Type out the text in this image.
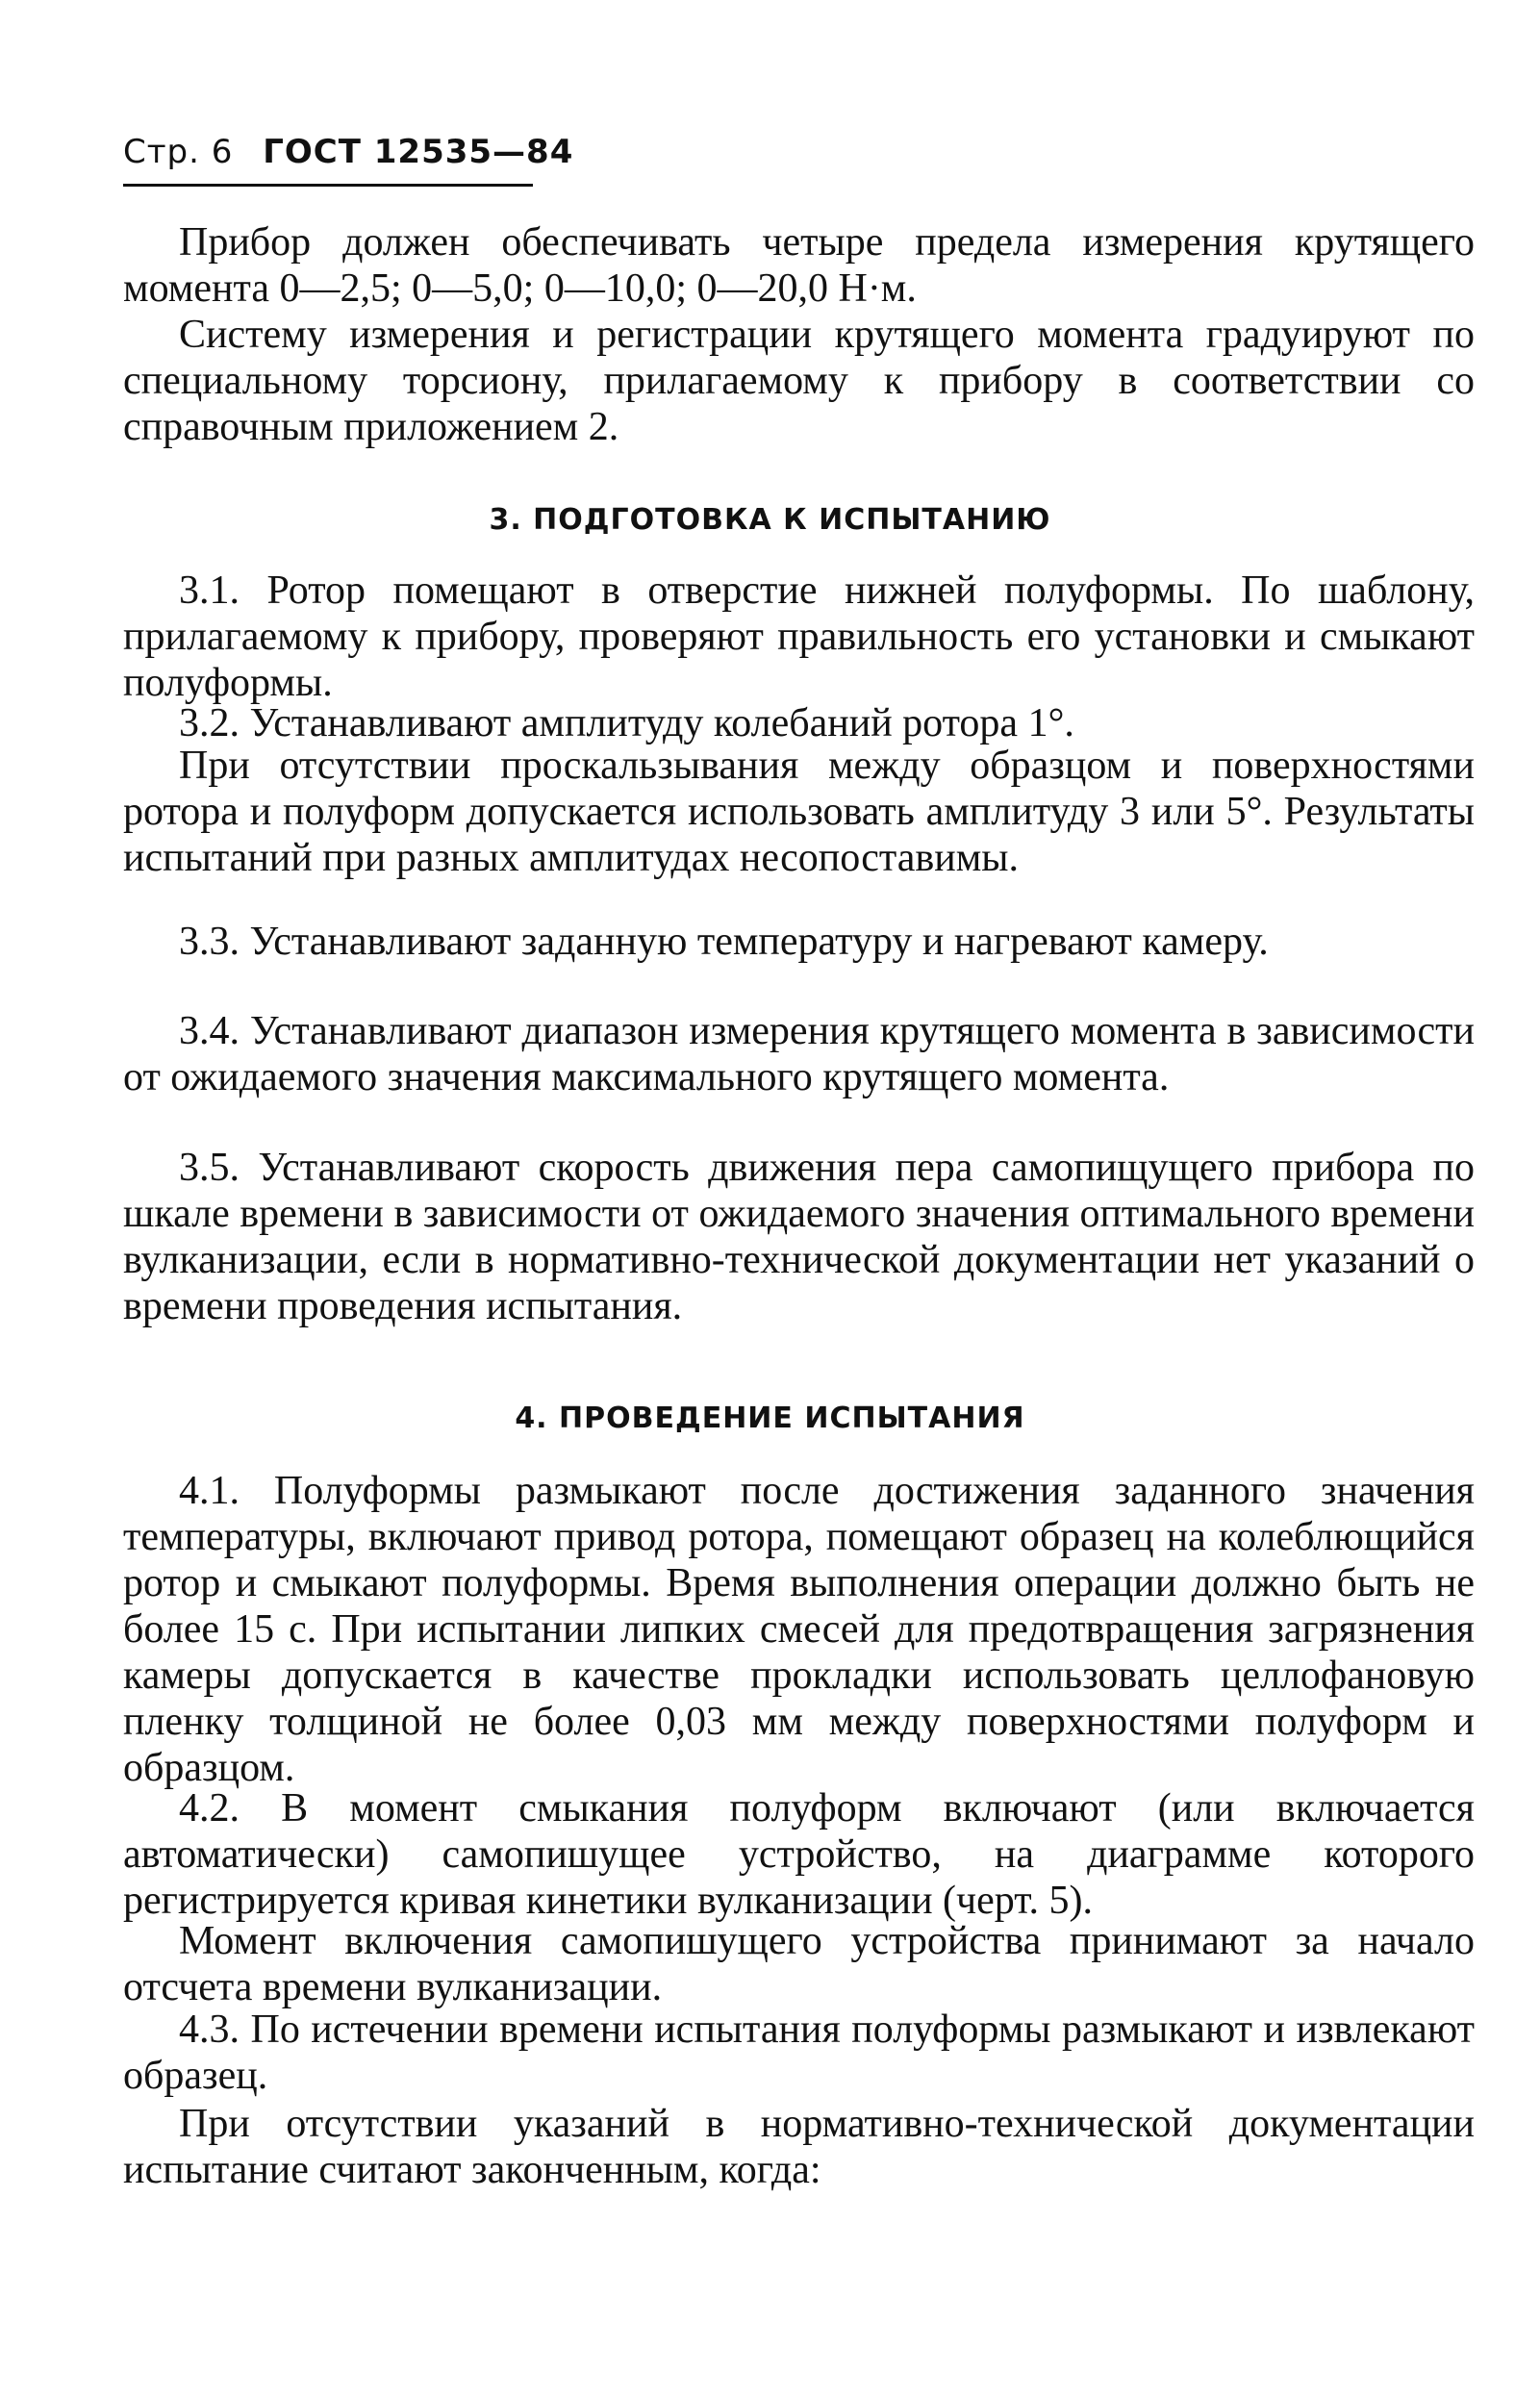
Стр. 6 ГОСТ 12535—84

Прибор должен обеспечивать четыре предела измерения крутящего момента 0—2,5; 0—5,0; 0—10,0; 0—20,0 Н·м.

Систему измерения и регистрации крутящего момента градуируют по специальному торсиону, прилагаемому к прибору в соответствии со справочным приложением 2.

3. ПОДГОТОВКА К ИСПЫТАНИЮ

3.1. Ротор помещают в отверстие нижней полуформы. По шаблону, прилагаемому к прибору, проверяют правильность его установки и смыкают полуформы.

3.2. Устанавливают амплитуду колебаний ротора 1°.

При отсутствии проскальзывания между образцом и поверхностями ротора и полуформ допускается использовать амплитуду 3 или 5°. Результаты испытаний при разных амплитудах несопоставимы.

3.3. Устанавливают заданную температуру и нагревают камеру.

3.4. Устанавливают диапазон измерения крутящего момента в зависимости от ожидаемого значения максимального крутящего момента.

3.5. Устанавливают скорость движения пера самопищущего прибора по шкале времени в зависимости от ожидаемого значения оптимального времени вулканизации, если в нормативно-технической документации нет указаний о времени проведения испытания.

4. ПРОВЕДЕНИЕ ИСПЫТАНИЯ

4.1. Полуформы размыкают после достижения заданного значения температуры, включают привод ротора, помещают образец на колеблющийся ротор и смыкают полуформы. Время выполнения операции должно быть не более 15 с. При испытании липких смесей для предотвращения загрязнения камеры допускается в качестве прокладки использовать целлофановую пленку толщиной не более 0,03 мм между поверхностями полуформ и образцом.

4.2. В момент смыкания полуформ включают (или включается автоматически) самопишущее устройство, на диаграмме которого регистрируется кривая кинетики вулканизации (черт. 5).

Момент включения самопишущего устройства принимают за начало отсчета времени вулканизации.

4.3. По истечении времени испытания полуформы размыкают и извлекают образец.

При отсутствии указаний в нормативно-технической документации испытание считают законченным, когда:
